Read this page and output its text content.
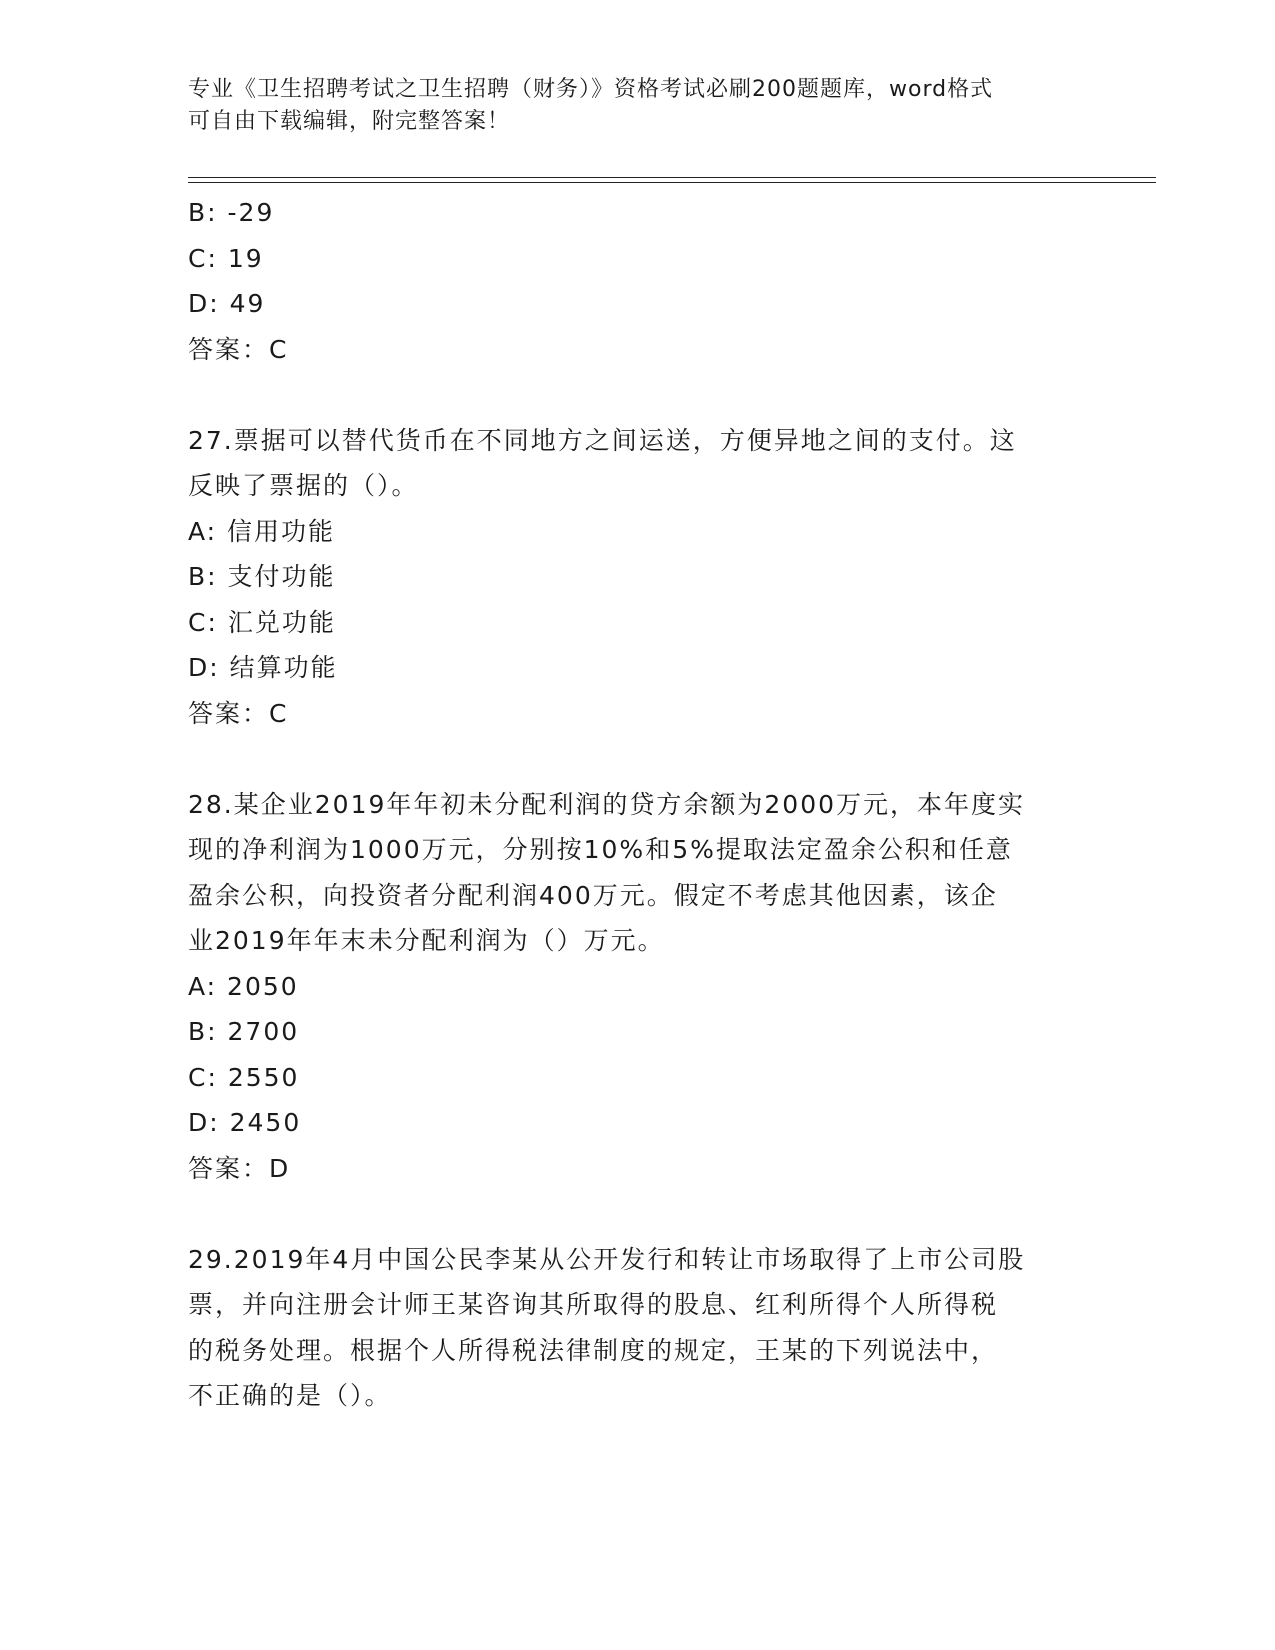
专业《卫生招聘考试之卫生招聘（财务）》资格考试必刷200题题库，word格式
可自由下载编辑，附完整答案！
B: -29
C: 19
D: 49
答案：C
27.票据可以替代货币在不同地方之间运送，方便异地之间的支付。这
反映了票据的（）。
A: 信用功能
B: 支付功能
C: 汇兑功能
D: 结算功能
答案：C
28.某企业2019年年初未分配利润的贷方余额为2000万元，本年度实
现的净利润为1000万元，分别按10%和5%提取法定盈余公积和任意
盈余公积，向投资者分配利润400万元。假定不考虑其他因素，该企
业2019年年末未分配利润为（）万元。
A: 2050
B: 2700
C: 2550
D: 2450
答案：D
29.2019年4月中国公民李某从公开发行和转让市场取得了上市公司股
票，并向注册会计师王某咨询其所取得的股息、红利所得个人所得税
的税务处理。根据个人所得税法律制度的规定，王某的下列说法中，
不正确的是（）。
